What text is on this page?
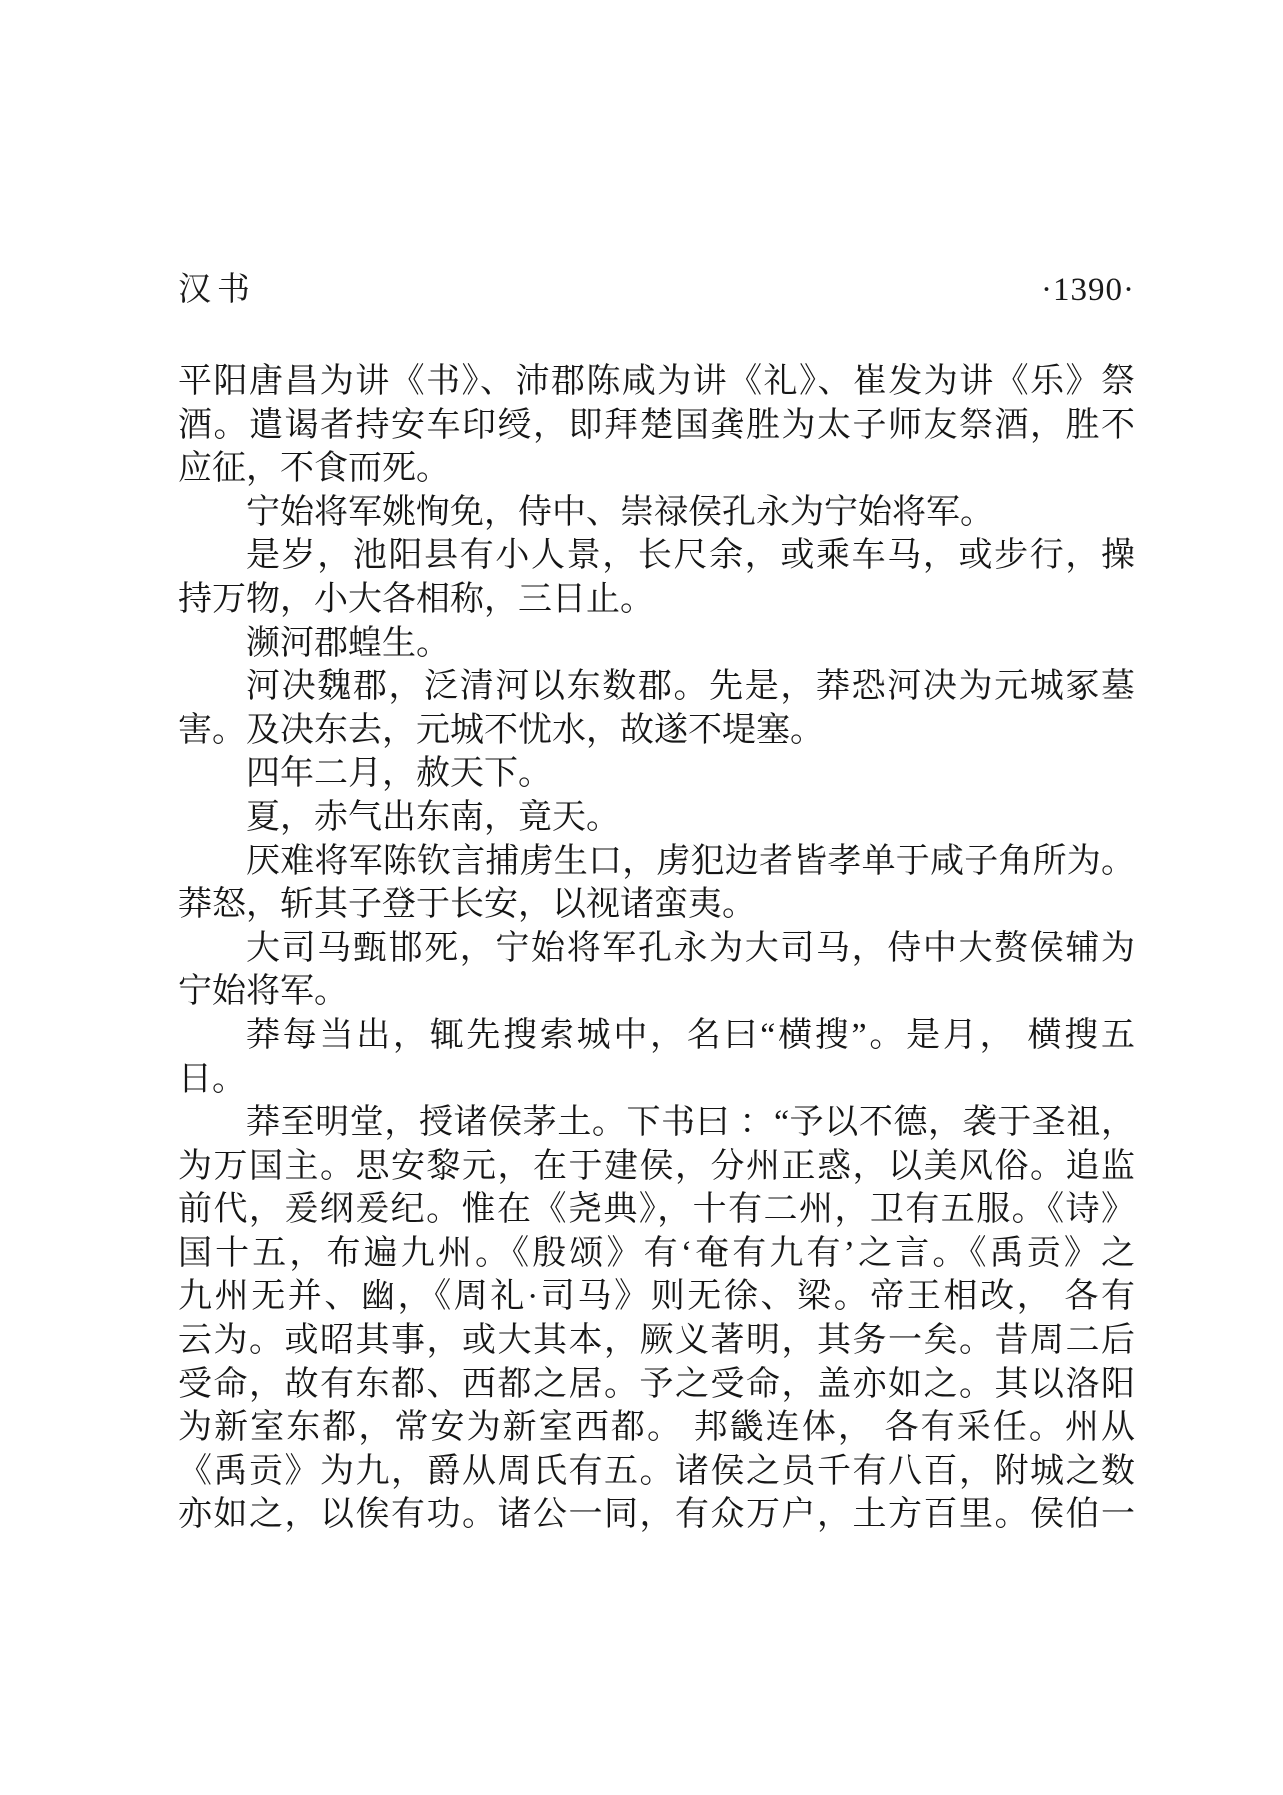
汉书	·1390·
平阳唐昌为讲《书》、沛郡陈咸为讲《礼》、崔发为讲《乐》祭
酒。遣谒者持安车印绶，即拜楚国龚胜为太子师友祭酒，胜不
应征，不食而死。
宁始将军姚恂免，侍中、崇禄侯孔永为宁始将军。
是岁，池阳县有小人景，长尺余，或乘车马，或步行，操
持万物，小大各相称，三日止。
濒河郡蝗生。
河决魏郡，泛清河以东数郡。先是，莽恐河决为元城冢墓
害。及决东去，元城不忧水，故遂不堤塞。
四年二月，赦天下。
夏，赤气出东南，竟天。
厌难将军陈钦言捕虏生口，虏犯边者皆孝单于咸子角所为。
莽怒，斩其子登于长安，以视诸蛮夷。
大司马甄邯死，宁始将军孔永为大司马，侍中大赘侯辅为
宁始将军。
莽每当出，辄先搜索城中，名曰“横搜”。是月， 横搜五
日。
莽至明堂，授诸侯茅土。下书曰 ：“予以不德，袭于圣祖，
为万国主。思安黎元，在于建侯，分州正惑，以美风俗。追监
前代，爰纲爰纪。惟在《尧典》，十有二州，卫有五服。《诗》
国十五，布遍九州。《殷颂》有‘奄有九有’之言。《禹贡》之
九州无并、幽，《周礼·司马》则无徐、梁。帝王相改， 各有
云为。或昭其事，或大其本，厥义著明，其务一矣。昔周二后
受命，故有东都、西都之居。予之受命，盖亦如之。其以洛阳
为新室东都，常安为新室西都。 邦畿连体， 各有采任。州从
《禹贡》为九，爵从周氏有五。诸侯之员千有八百，附城之数
亦如之，以俟有功。诸公一同，有众万户，土方百里。侯伯一
